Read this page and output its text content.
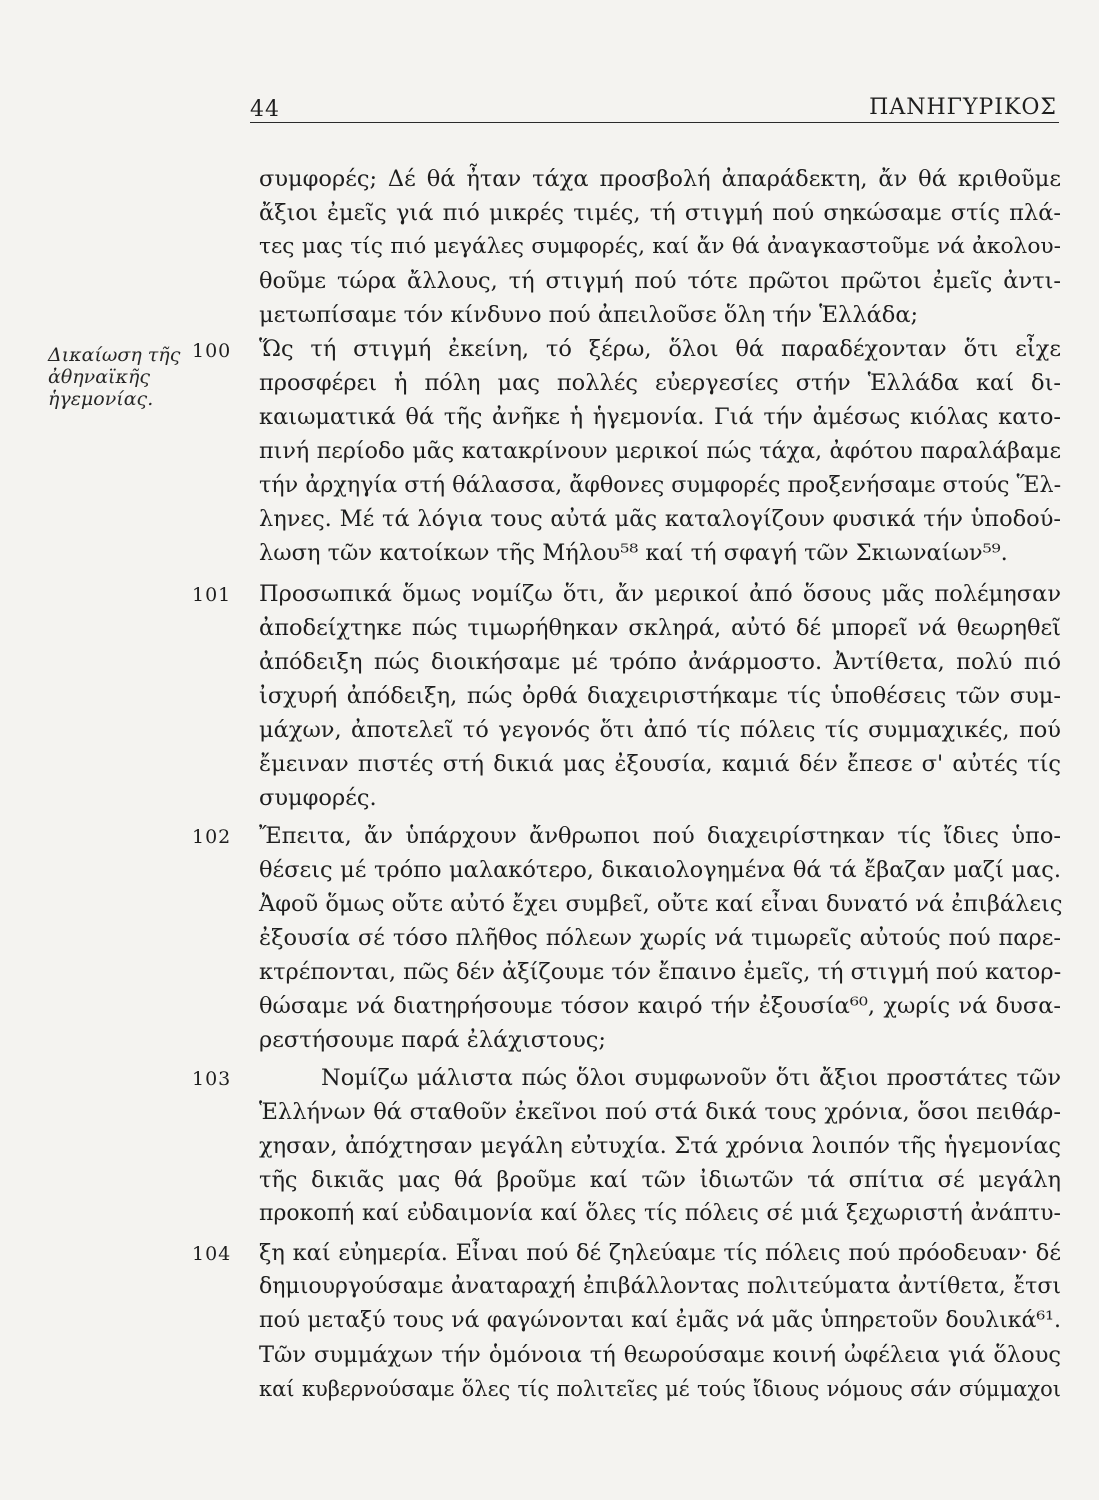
44	ΠΑΝΗΓΥΡΙΚΟΣ
Δικαίωση τῆς
ἀθηναϊκῆς
ἡγεμονίας.
100
101
102
103
104
συμφορές; Δέ θά ἦταν τάχα προσβολή ἀπαράδεκτη, ἄν θά κριθοῦμε
ἄξιοι ἐμεῖς γιά πιό μικρές τιμές, τή στιγμή πού σηκώσαμε στίς πλά-
τες μας τίς πιό μεγάλες συμφορές, καί ἄν θά ἀναγκαστοῦμε νά ἀκολου-
θοῦμε τώρα ἄλλους, τή στιγμή πού τότε πρῶτοι πρῶτοι ἐμεῖς ἀντι-
μετωπίσαμε τόν κίνδυνο πού ἀπειλοῦσε ὅλη τήν Ἑλλάδα;
Ὥς τή στιγμή ἐκείνη, τό ξέρω, ὅλοι θά παραδέχονταν ὅτι εἶχε
προσφέρει ἡ πόλη μας πολλές εὐεργεσίες στήν Ἑλλάδα καί δι-
καιωματικά θά τῆς ἀνῆκε ἡ ἡγεμονία. Γιά τήν ἀμέσως κιόλας κατο-
πινή περίοδο μᾶς κατακρίνουν μερικοί πώς τάχα, ἀφότου παραλάβαμε
τήν ἀρχηγία στή θάλασσα, ἄφθονες συμφορές προξενήσαμε στούς Ἕλ-
ληνες. Μέ τά λόγια τους αὐτά μᾶς καταλογίζουν φυσικά τήν ὑποδού-
λωση τῶν κατοίκων τῆς Μήλου⁵⁸ καί τή σφαγή τῶν Σκιωναίων⁵⁹.
Προσωπικά ὅμως νομίζω ὅτι, ἄν μερικοί ἀπό ὅσους μᾶς πολέμησαν
ἀποδείχτηκε πώς τιμωρήθηκαν σκληρά, αὐτό δέ μπορεῖ νά θεωρηθεῖ
ἀπόδειξη πώς διοικήσαμε μέ τρόπο ἀνάρμοστο. Ἀντίθετα, πολύ πιό
ἰσχυρή ἀπόδειξη, πώς ὀρθά διαχειριστήκαμε τίς ὑποθέσεις τῶν συμ-
μάχων, ἀποτελεῖ τό γεγονός ὅτι ἀπό τίς πόλεις τίς συμμαχικές, πού
ἔμειναν πιστές στή δικιά μας ἐξουσία, καμιά δέν ἔπεσε σ' αὐτές τίς
συμφορές.
Ἔπειτα, ἄν ὑπάρχουν ἄνθρωποι πού διαχειρίστηκαν τίς ἴδιες ὑπο-
θέσεις μέ τρόπο μαλακότερο, δικαιολογημένα θά τά ἔβαζαν μαζί μας.
Ἀφοῦ ὅμως οὔτε αὐτό ἔχει συμβεῖ, οὔτε καί εἶναι δυνατό νά ἐπιβάλεις
ἐξουσία σέ τόσο πλῆθος πόλεων χωρίς νά τιμωρεῖς αὐτούς πού παρε-
κτρέπονται, πῶς δέν ἀξίζουμε τόν ἔπαινο ἐμεῖς, τή στιγμή πού κατορ-
θώσαμε νά διατηρήσουμε τόσον καιρό τήν ἐξουσία⁶⁰, χωρίς νά δυσα-
ρεστήσουμε παρά ἐλάχιστους;
Νομίζω μάλιστα πώς ὅλοι συμφωνοῦν ὅτι ἄξιοι προστάτες τῶν
Ἑλλήνων θά σταθοῦν ἐκεῖνοι πού στά δικά τους χρόνια, ὅσοι πειθάρ-
χησαν, ἀπόχτησαν μεγάλη εὐτυχία. Στά χρόνια λοιπόν τῆς ἡγεμονίας
τῆς δικιᾶς μας θά βροῦμε καί τῶν ἰδιωτῶν τά σπίτια σέ μεγάλη
προκοπή καί εὐδαιμονία καί ὅλες τίς πόλεις σέ μιά ξεχωριστή ἀνάπτυ-
ξη καί εὐημερία. Εἶναι πού δέ ζηλεύαμε τίς πόλεις πού πρόοδευαν· δέ
δημιουργούσαμε ἀναταραχή ἐπιβάλλοντας πολιτεύματα ἀντίθετα, ἔτσι
πού μεταξύ τους νά φαγώνονται καί ἐμᾶς νά μᾶς ὑπηρετοῦν δουλικά⁶¹.
Τῶν συμμάχων τήν ὁμόνοια τή θεωρούσαμε κοινή ὠφέλεια γιά ὅλους
καί κυβερνούσαμε ὅλες τίς πολιτεῖες μέ τούς ἴδιους νόμους σάν σύμμαχοι
